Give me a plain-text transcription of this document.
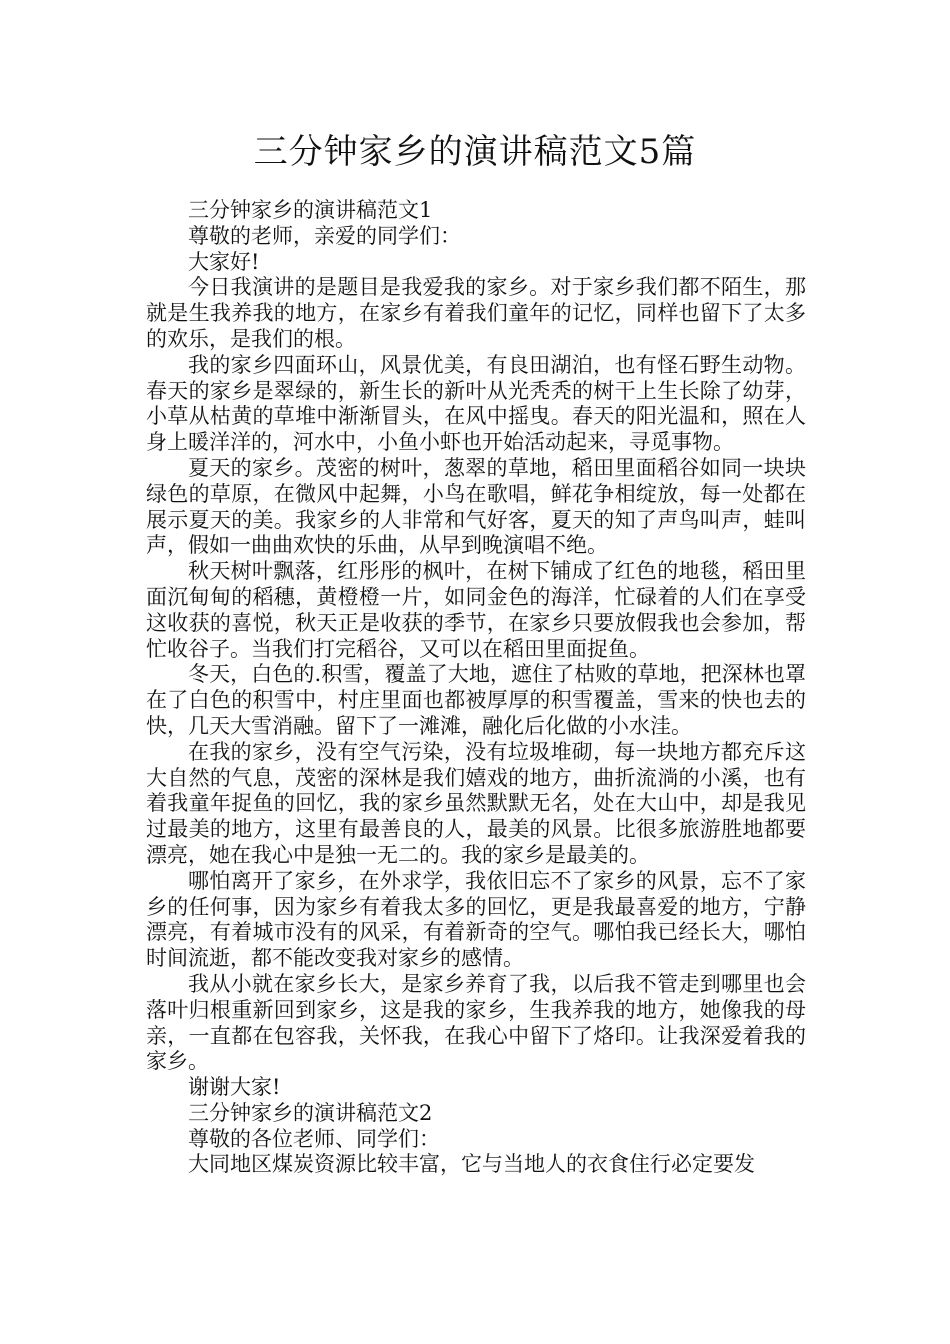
三分钟家乡的演讲稿范文5篇

三分钟家乡的演讲稿范文1

尊敬的老师，亲爱的同学们：

大家好!

今日我演讲的是题目是我爱我的家乡。对于家乡我们都不陌生，那就是生我养我的地方，在家乡有着我们童年的记忆，同样也留下了太多的欢乐，是我们的根。

我的家乡四面环山，风景优美，有良田湖泊，也有怪石野生动物。春天的家乡是翠绿的，新生长的新叶从光秃秃的树干上生长除了幼芽，小草从枯黄的草堆中渐渐冒头，在风中摇曳。春天的阳光温和，照在人身上暖洋洋的，河水中，小鱼小虾也开始活动起来，寻觅事物。

夏天的家乡。茂密的树叶，葱翠的草地，稻田里面稻谷如同一块块绿色的草原，在微风中起舞，小鸟在歌唱，鲜花争相绽放，每一处都在展示夏天的美。我家乡的人非常和气好客，夏天的知了声鸟叫声，蛙叫声，假如一曲曲欢快的乐曲，从早到晚演唱不绝。

秋天树叶飘落，红彤彤的枫叶，在树下铺成了红色的地毯，稻田里面沉甸甸的稻穗，黄橙橙一片，如同金色的海洋，忙碌着的人们在享受这收获的喜悦，秋天正是收获的季节，在家乡只要放假我也会参加，帮忙收谷子。当我们打完稻谷，又可以在稻田里面捉鱼。

冬天，白色的.积雪，覆盖了大地，遮住了枯败的草地，把深林也罩在了白色的积雪中，村庄里面也都被厚厚的积雪覆盖，雪来的快也去的快，几天大雪消融。留下了一滩滩，融化后化做的小水洼。

在我的家乡，没有空气污染，没有垃圾堆砌，每一块地方都充斥这大自然的气息，茂密的深林是我们嬉戏的地方，曲折流淌的小溪，也有着我童年捉鱼的回忆，我的家乡虽然默默无名，处在大山中，却是我见过最美的地方，这里有最善良的人，最美的风景。比很多旅游胜地都要漂亮，她在我心中是独一无二的。我的家乡是最美的。

哪怕离开了家乡，在外求学，我依旧忘不了家乡的风景，忘不了家乡的任何事，因为家乡有着我太多的回忆，更是我最喜爱的地方，宁静漂亮，有着城市没有的风采，有着新奇的空气。哪怕我已经长大，哪怕时间流逝，都不能改变我对家乡的感情。

我从小就在家乡长大，是家乡养育了我，以后我不管走到哪里也会落叶归根重新回到家乡，这是我的家乡，生我养我的地方，她像我的母亲，一直都在包容我，关怀我，在我心中留下了烙印。让我深爱着我的家乡。

谢谢大家!

三分钟家乡的演讲稿范文2

尊敬的各位老师、同学们：

大同地区煤炭资源比较丰富，它与当地人的衣食住行必定要发
